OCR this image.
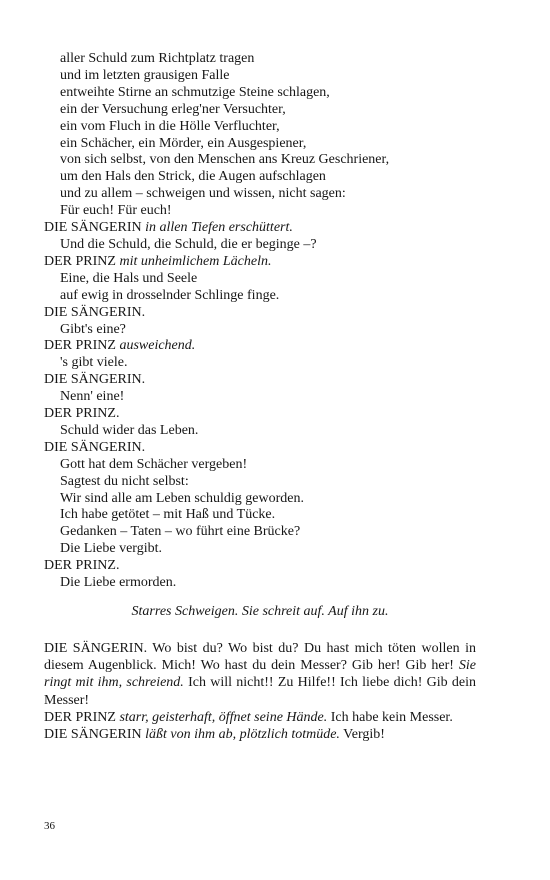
aller Schuld zum Richtplatz tragen
und im letzten grausigen Falle
entweihte Stirne an schmutzige Steine schlagen,
ein der Versuchung erleg'ner Versuchter,
ein vom Fluch in die Hölle Verfluchter,
ein Schächer, ein Mörder, ein Ausgespiener,
von sich selbst, von den Menschen ans Kreuz Geschriener,
um den Hals den Strick, die Augen aufschlagen
und zu allem – schweigen und wissen, nicht sagen:
Für euch! Für euch!
DIE SÄNGERIN in allen Tiefen erschüttert.
Und die Schuld, die Schuld, die er beginge –?
DER PRINZ mit unheimlichem Lächeln.
Eine, die Hals und Seele
auf ewig in drosselnder Schlinge finge.
DIE SÄNGERIN.
Gibt's eine?
DER PRINZ ausweichend.
's gibt viele.
DIE SÄNGERIN.
Nenn' eine!
DER PRINZ.
Schuld wider das Leben.
DIE SÄNGERIN.
Gott hat dem Schächer vergeben!
Sagtest du nicht selbst:
Wir sind alle am Leben schuldig geworden.
Ich habe getötet – mit Haß und Tücke.
Gedanken – Taten – wo führt eine Brücke?
Die Liebe vergibt.
DER PRINZ.
Die Liebe ermorden.
Starres Schweigen. Sie schreit auf. Auf ihn zu.

DIE SÄNGERIN. Wo bist du? Wo bist du? Du hast mich töten wollen in diesem Augenblick. Mich! Wo hast du dein Messer? Gib her! Gib her! Sie ringt mit ihm, schreiend. Ich will nicht!! Zu Hilfe!! Ich liebe dich! Gib dein Messer!

DER PRINZ starr, geisterhaft, öffnet seine Hände. Ich habe kein Messer.

DIE SÄNGERIN läßt von ihm ab, plötzlich totmüde. Vergib!

36
